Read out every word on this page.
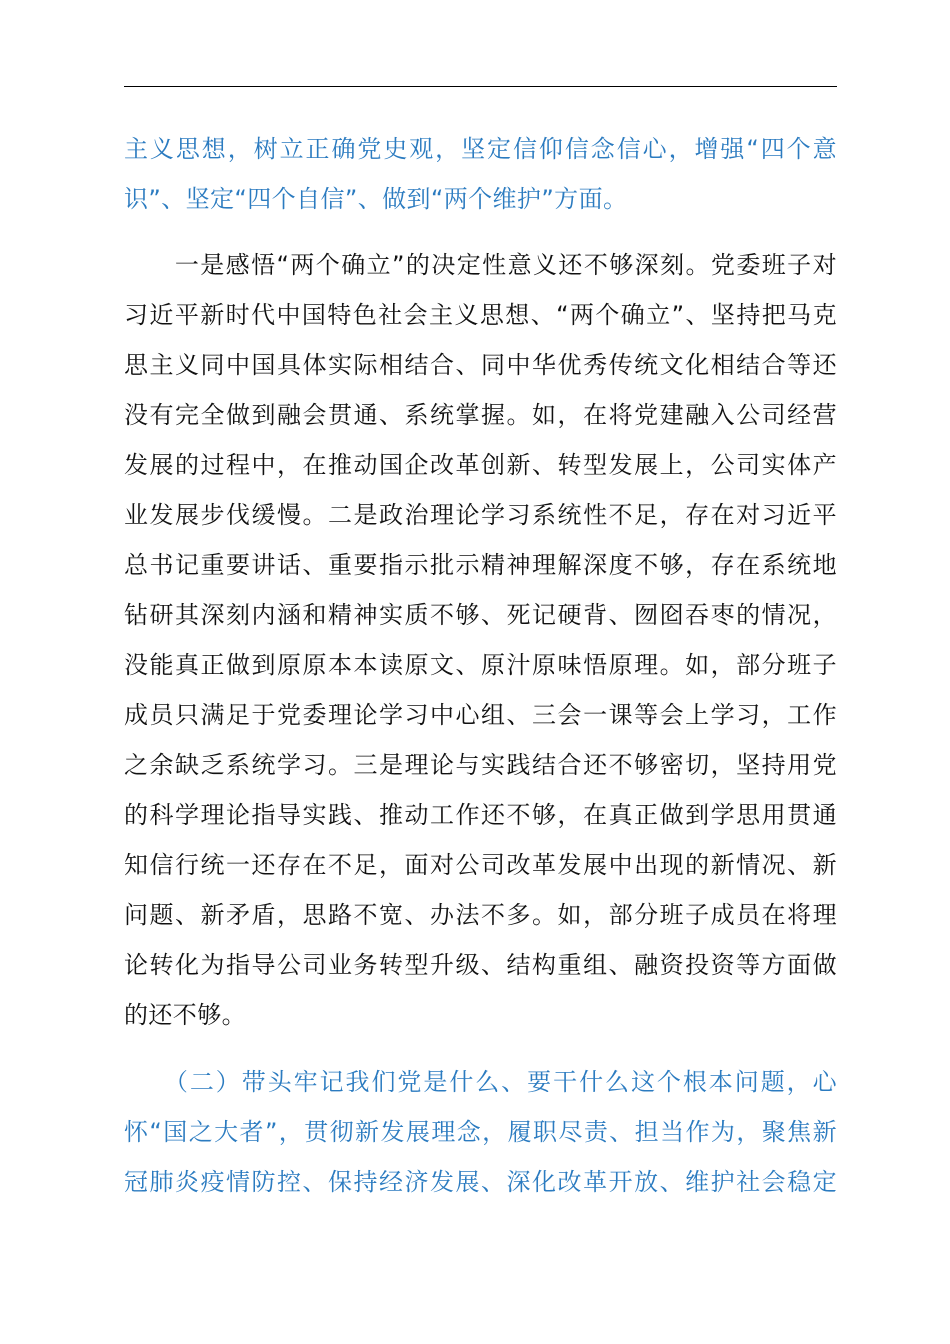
主义思想，树立正确党史观，坚定信仰信念信心，增强“四个意
识”、坚定“四个自信”、做到“两个维护”方面。

　　一是感悟“两个确立”的决定性意义还不够深刻。党委班子对
习近平新时代中国特色社会主义思想、“两个确立”、坚持把马克
思主义同中国具体实际相结合、同中华优秀传统文化相结合等还
没有完全做到融会贯通、系统掌握。如，在将党建融入公司经营
发展的过程中，在推动国企改革创新、转型发展上，公司实体产
业发展步伐缓慢。二是政治理论学习系统性不足，存在对习近平
总书记重要讲话、重要指示批示精神理解深度不够，存在系统地
钻研其深刻内涵和精神实质不够、死记硬背、囫囵吞枣的情况，
没能真正做到原原本本读原文、原汁原味悟原理。如，部分班子
成员只满足于党委理论学习中心组、三会一课等会上学习，工作
之余缺乏系统学习。三是理论与实践结合还不够密切，坚持用党
的科学理论指导实践、推动工作还不够，在真正做到学思用贯通
知信行统一还存在不足，面对公司改革发展中出现的新情况、新
问题、新矛盾，思路不宽、办法不多。如，部分班子成员在将理
论转化为指导公司业务转型升级、结构重组、融资投资等方面做
的还不够。

　　（二）带头牢记我们党是什么、要干什么这个根本问题，心
怀“国之大者”，贯彻新发展理念，履职尽责、担当作为，聚焦新
冠肺炎疫情防控、保持经济发展、深化改革开放、维护社会稳定
